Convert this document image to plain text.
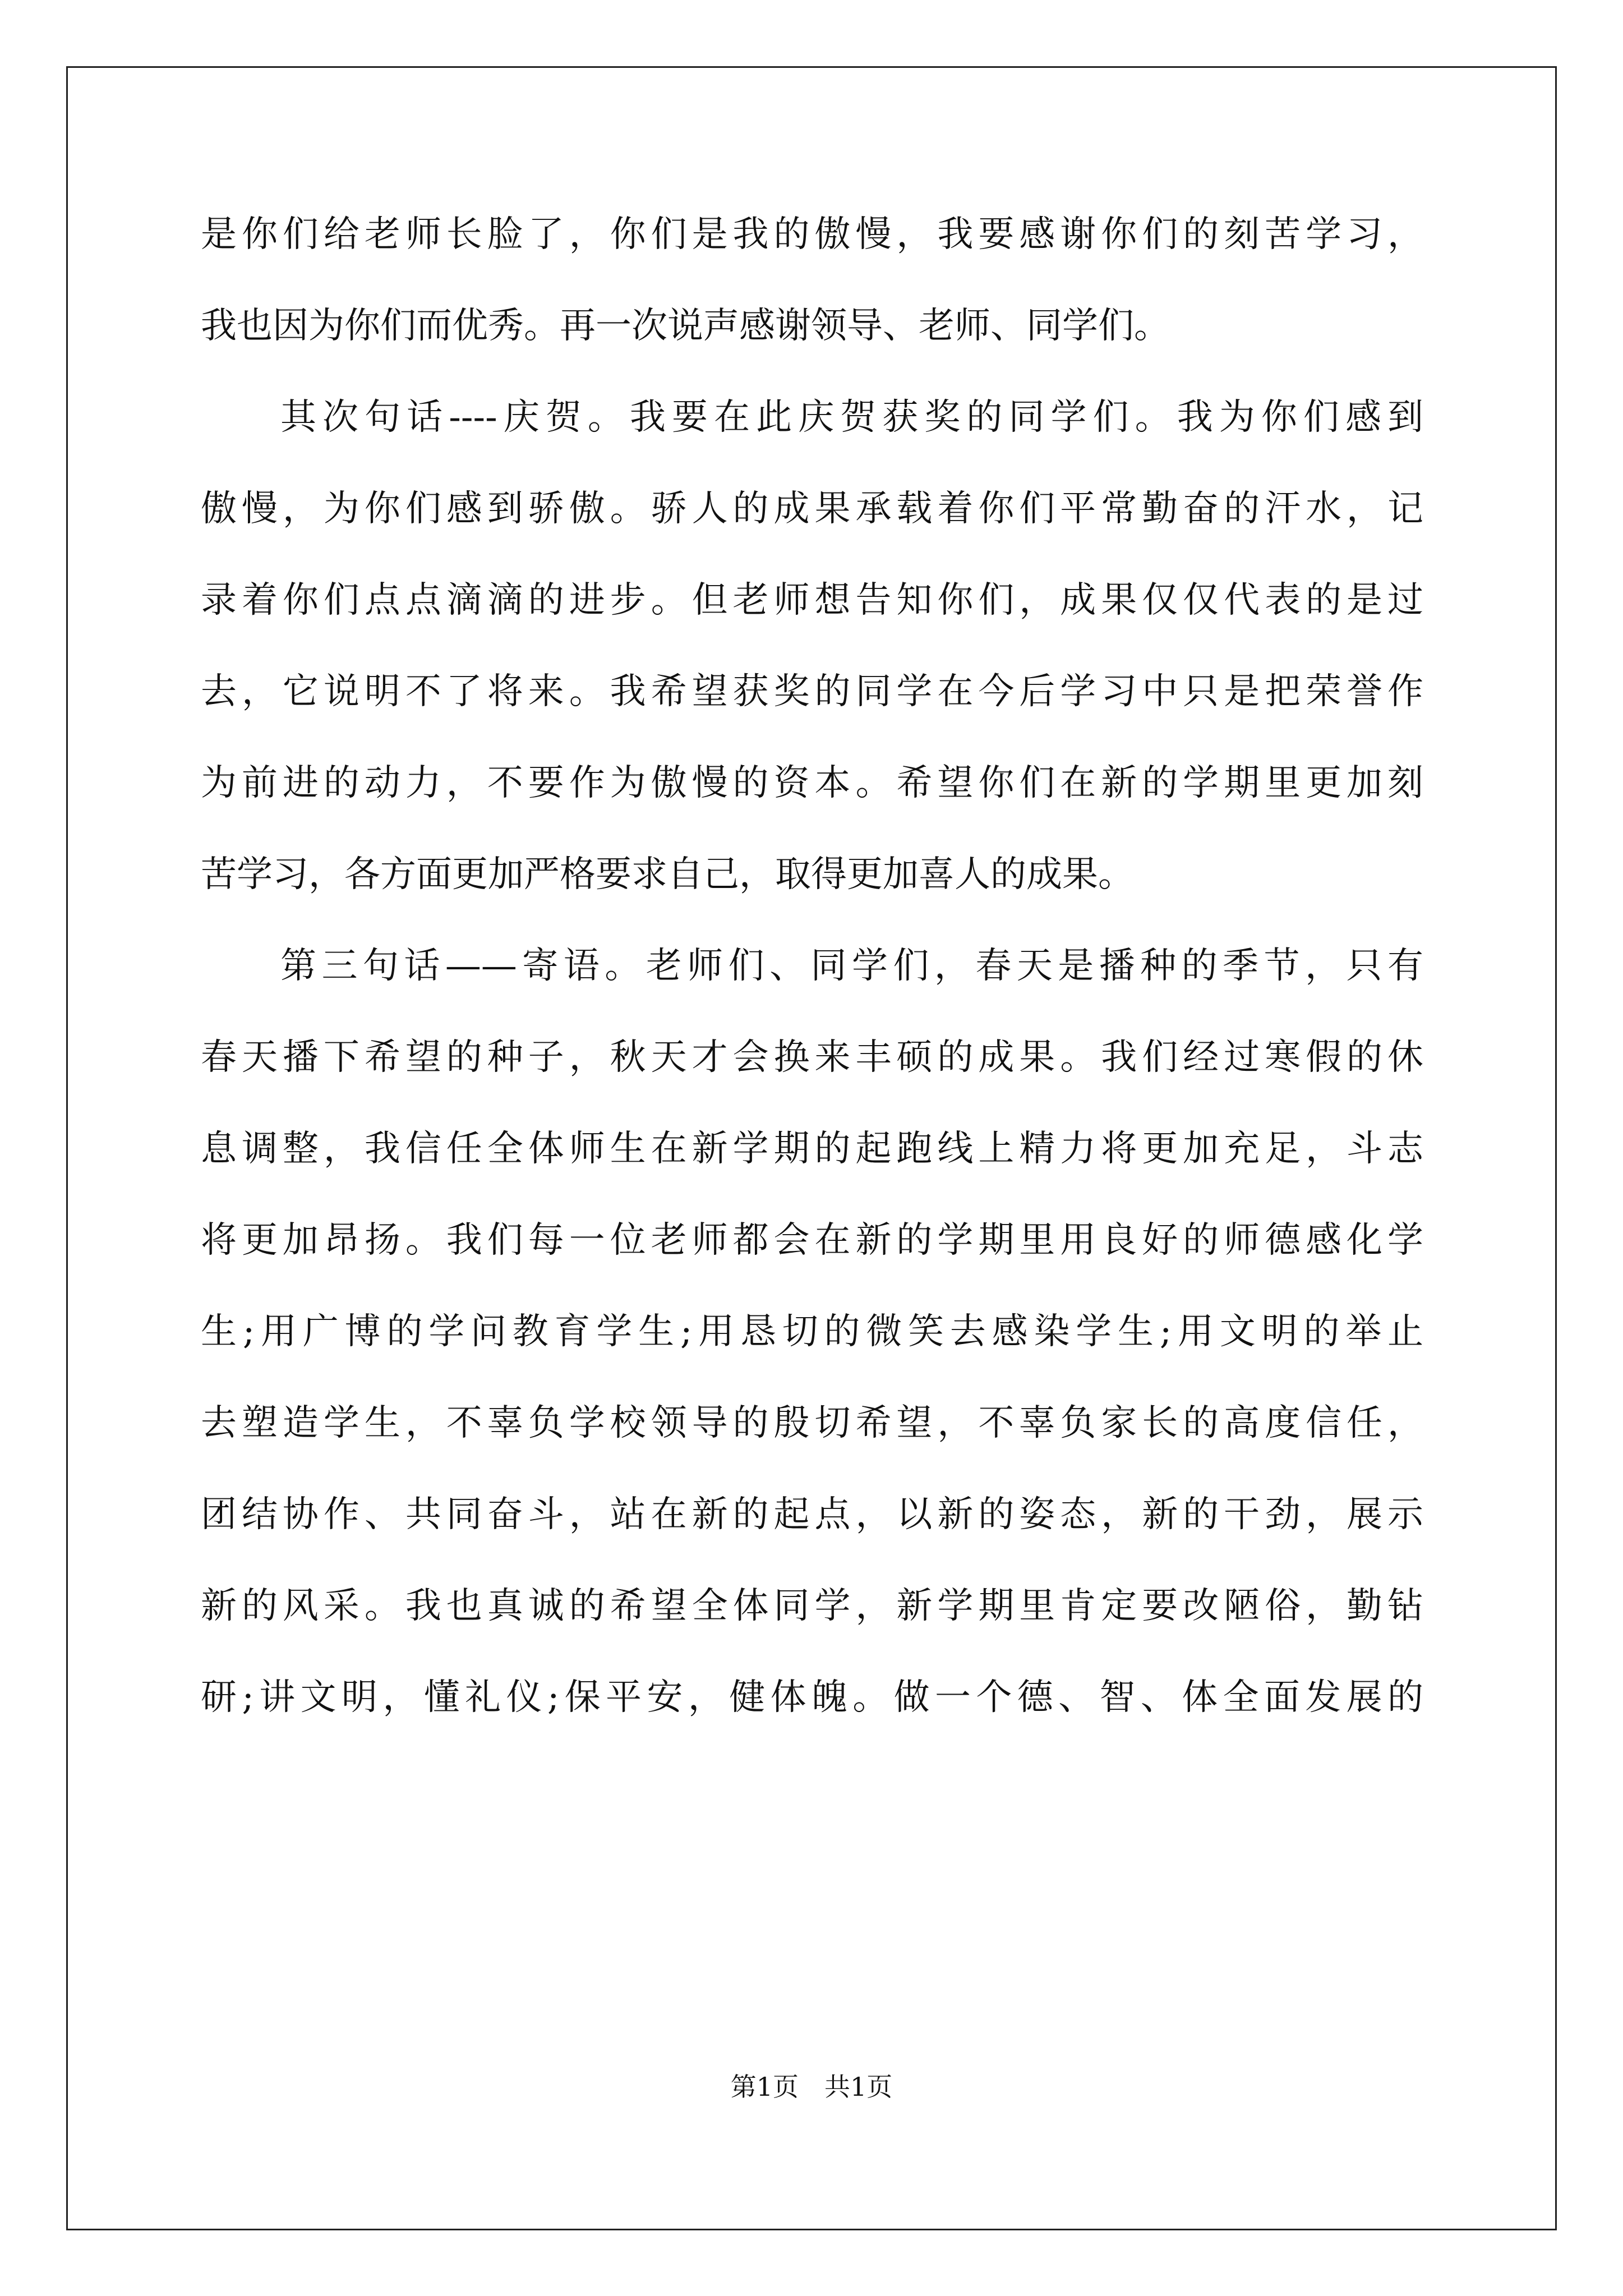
是你们给老师长脸了，你们是我的傲慢，我要感谢你们的刻苦学习，
我也因为你们而优秀。再一次说声感谢领导、老师、同学们。
其次句话----庆贺。我要在此庆贺获奖的同学们。我为你们感到
傲慢，为你们感到骄傲。骄人的成果承载着你们平常勤奋的汗水，记
录着你们点点滴滴的进步。但老师想告知你们，成果仅仅代表的是过
去，它说明不了将来。我希望获奖的同学在今后学习中只是把荣誉作
为前进的动力，不要作为傲慢的资本。希望你们在新的学期里更加刻
苦学习，各方面更加严格要求自己，取得更加喜人的成果。
第三句话——寄语。老师们、同学们，春天是播种的季节，只有
春天播下希望的种子，秋天才会换来丰硕的成果。我们经过寒假的休
息调整，我信任全体师生在新学期的起跑线上精力将更加充足，斗志
将更加昂扬。我们每一位老师都会在新的学期里用良好的师德感化学
生;用广博的学问教育学生;用恳切的微笑去感染学生;用文明的举止
去塑造学生，不辜负学校领导的殷切希望，不辜负家长的高度信任，
团结协作、共同奋斗，站在新的起点，以新的姿态，新的干劲，展示
新的风采。我也真诚的希望全体同学，新学期里肯定要改陋俗，勤钻
研;讲文明，懂礼仪;保平安，健体魄。做一个德、智、体全面发展的
第1页　共1页
